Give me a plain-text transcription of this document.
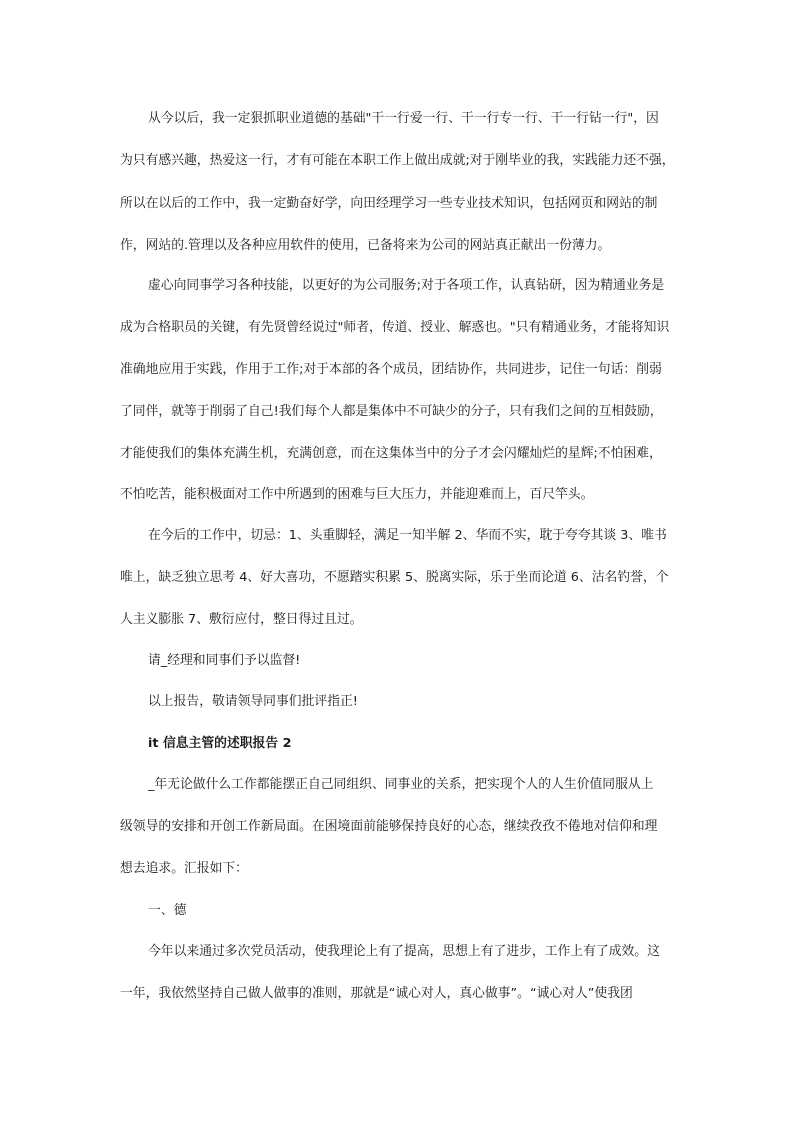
从今以后，我一定狠抓职业道德的基础"干一行爱一行、干一行专一行、干一行钻一行"，因
为只有感兴趣，热爱这一行，才有可能在本职工作上做出成就;对于刚毕业的我，实践能力还不强，
所以在以后的工作中，我一定勤奋好学，向田经理学习一些专业技术知识，包括网页和网站的制
作，网站的.管理以及各种应用软件的使用，已备将来为公司的网站真正献出一份薄力。
虚心向同事学习各种技能，以更好的为公司服务;对于各项工作，认真钻研，因为精通业务是
成为合格职员的关键，有先贤曾经说过"师者，传道、授业、解惑也。"只有精通业务，才能将知识
准确地应用于实践，作用于工作;对于本部的各个成员，团结协作，共同进步，记住一句话：削弱
了同伴，就等于削弱了自己!我们每个人都是集体中不可缺少的分子，只有我们之间的互相鼓励，
才能使我们的集体充满生机，充满创意，而在这集体当中的分子才会闪耀灿烂的星辉;不怕困难，
不怕吃苦，能积极面对工作中所遇到的困难与巨大压力，并能迎难而上，百尺竿头。
在今后的工作中，切忌：1、头重脚轻，满足一知半解 2、华而不实，耽于夸夸其谈 3、唯书
唯上，缺乏独立思考 4、好大喜功，不愿踏实积累 5、脱离实际，乐于坐而论道 6、沽名钓誉，个
人主义膨胀 7、敷衍应付，整日得过且过。
请_经理和同事们予以监督!
以上报告，敬请领导同事们批评指正!
it 信息主管的述职报告 2
_年无论做什么工作都能摆正自己同组织、同事业的关系，把实现个人的人生价值同服从上
级领导的安排和开创工作新局面。在困境面前能够保持良好的心态，继续孜孜不倦地对信仰和理
想去追求。汇报如下：
一、德
今年以来通过多次党员活动，使我理论上有了提高，思想上有了进步，工作上有了成效。这
一年，我依然坚持自己做人做事的准则，那就是“诚心对人，真心做事”。“诚心对人”使我团
